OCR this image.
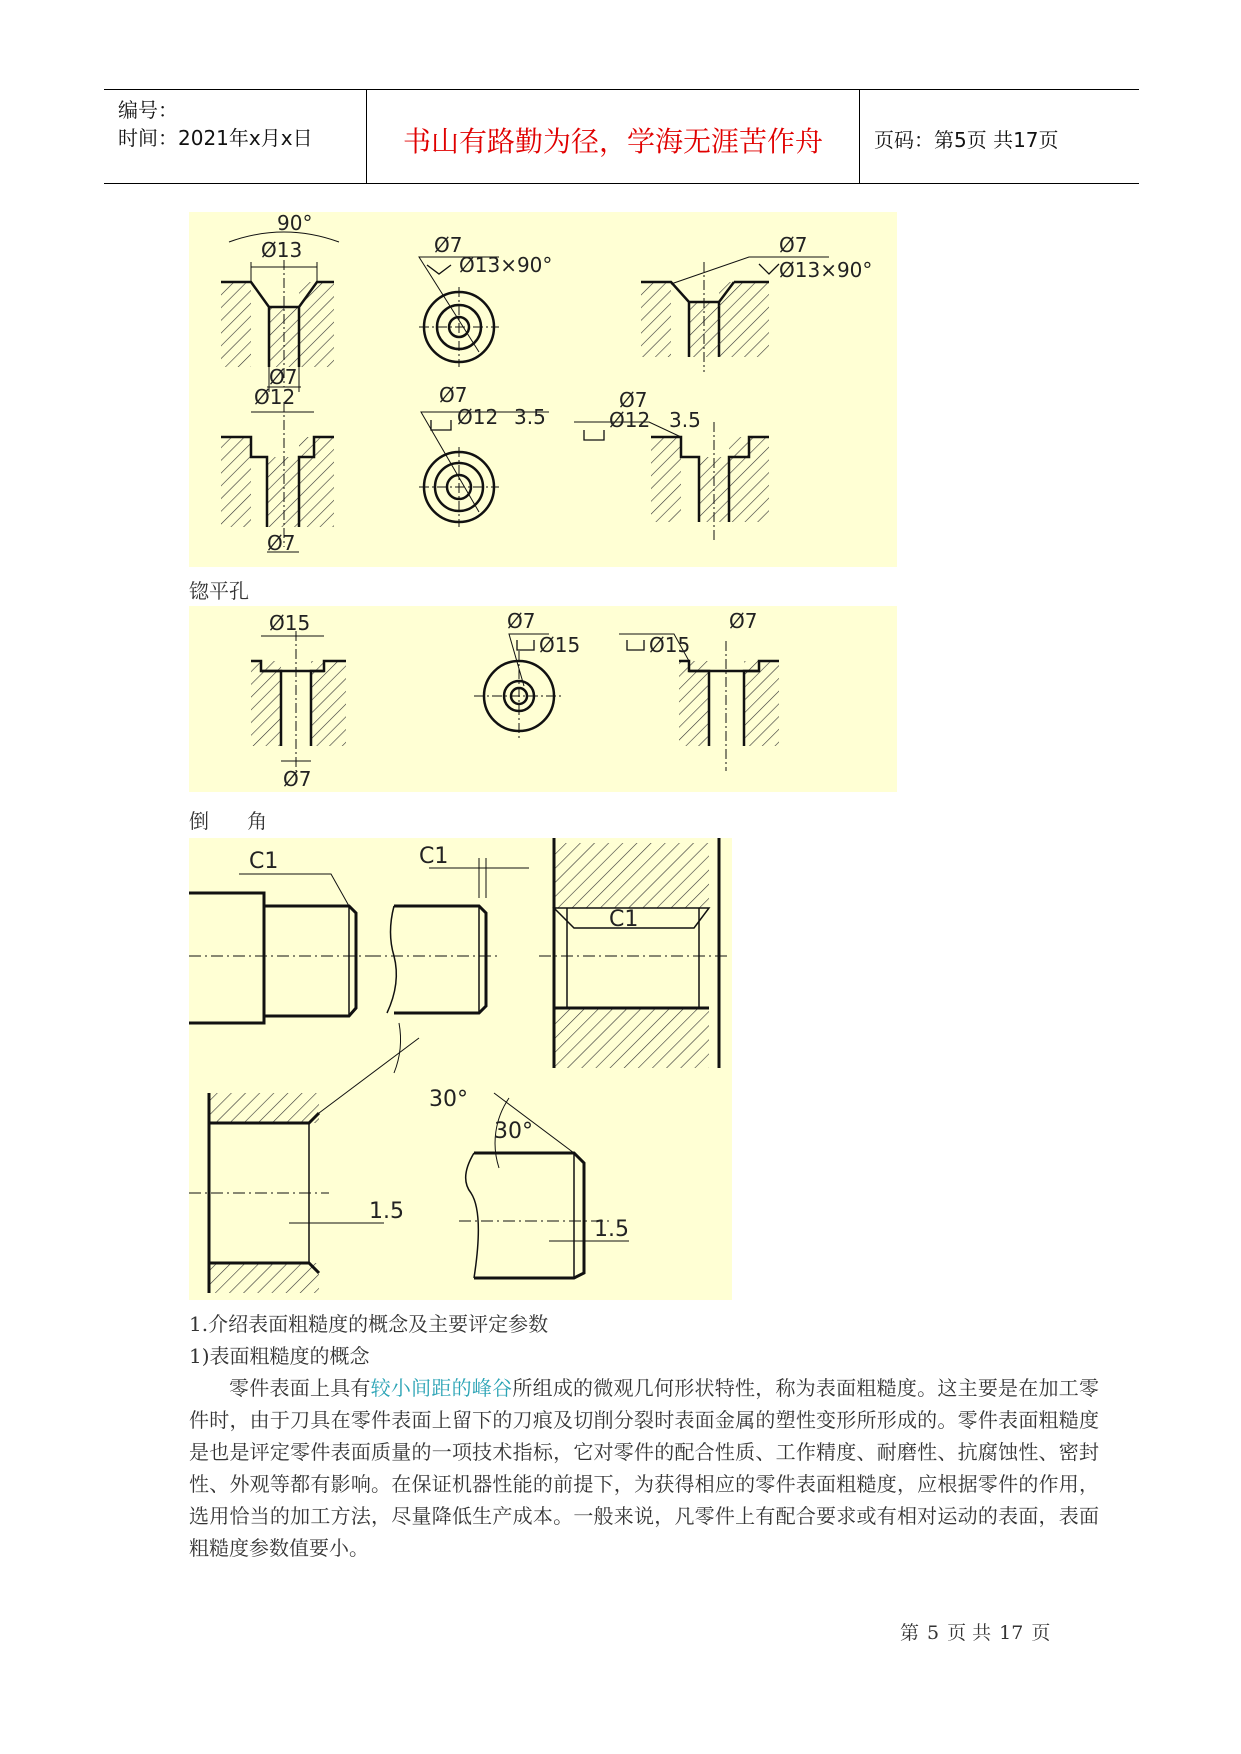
编号：
时间：2021年x月x日	书山有路勤为径，学海无涯苦作舟	页码：第5页 共17页
90°
Ø13
Ø7
Ø7
Ø13×90°
Ø7
Ø13×90°
Ø12
Ø7
Ø7
Ø12 3.5
Ø7
Ø12 3.5
锪平孔
Ø15
Ø7
Ø7
Ø15
Ø7
Ø15
倒      角
C1	C1
C1
30°
30°
1.5
1.5
1.介绍表面粗糙度的概念及主要评定参数
1)表面粗糙度的概念
零件表面上具有较小间距的峰谷所组成的微观几何形状特性，称为表面粗糙度。这主要是在加工零件时，由于刀具在零件表面上留下的刀痕及切削分裂时表面金属的塑性变形所形成的。零件表面粗糙度是也是评定零件表面质量的一项技术指标，它对零件的配合性质、工作精度、耐磨性、抗腐蚀性、密封性、外观等都有影响。在保证机器性能的前提下，为获得相应的零件表面粗糙度，应根据零件的作用，选用恰当的加工方法，尽量降低生产成本。一般来说，凡零件上有配合要求或有相对运动的表面，表面粗糙度参数值要小。
第 5 页 共 17 页
